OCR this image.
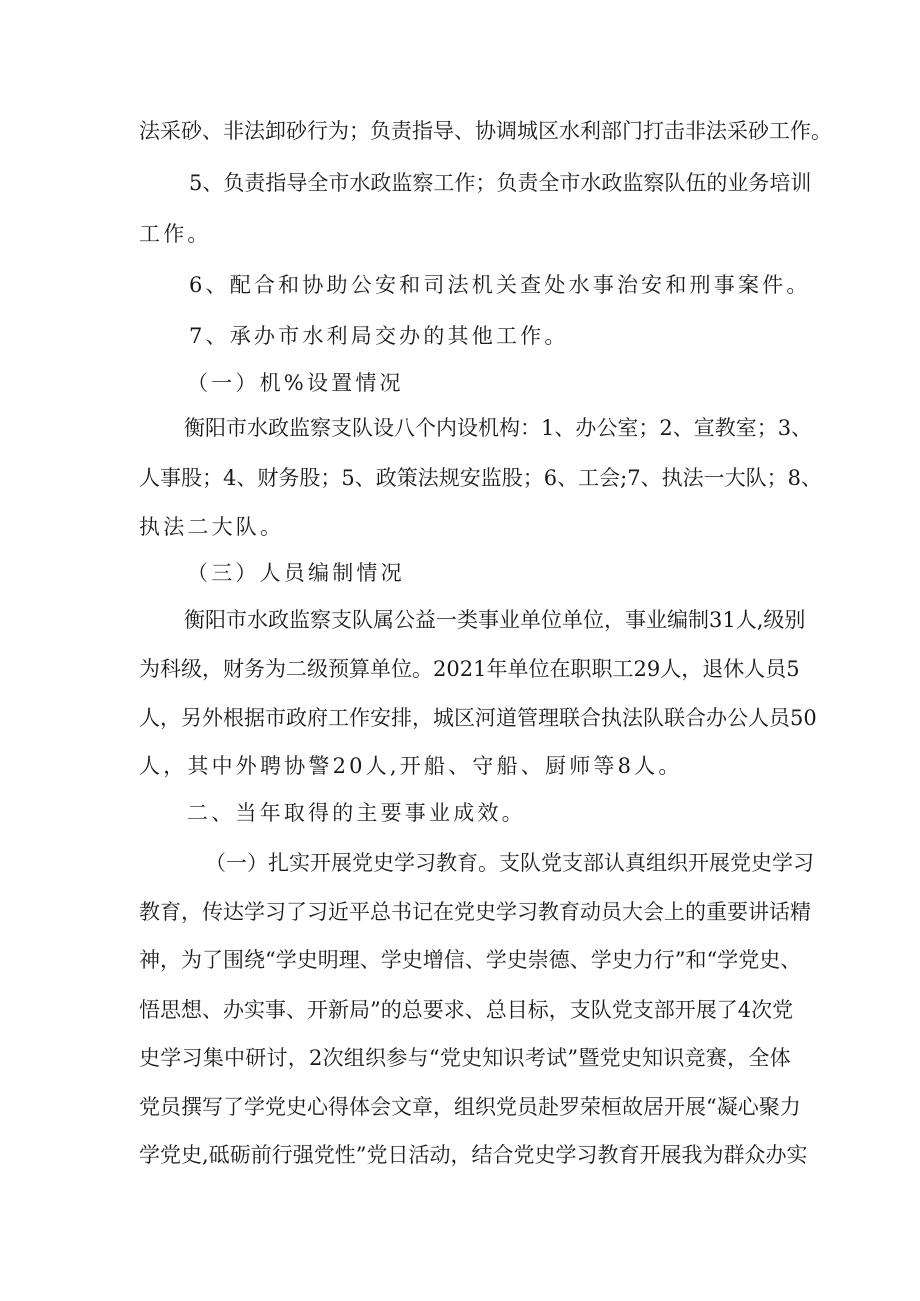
法 采 砂 、 非 法 卸 砂 行 为 ； 负 责 指 导 、 协 调 城 区 水 利 部 门 打 击 非 法 采 砂 工 作 。
5 、 负 责 指 导 全 市 水 政 监 察 工 作 ； 负 责 全 市 水 政 监 察 队 伍 的 业 务 培 训
工作。
6、配合和协助公安和司法机关查处水事治安和刑事案件。
7、承办市水利局交办的其他工作。
（一）机%设置情况
衡 阳 市 水 政 监 察 支 队 设 八 个 内 设 机 构 ： 1 、 办 公 室 ； 2 、 宣 教 室 ； 3 、
人 事 股 ； 4 、 财 务 股 ； 5 、 政 策 法 规 安 监 股 ； 6 、 工 会 ; 7 、 执 法 一 大 队 ； 8 、
执法二大队。
（三）人员编制情况
衡 阳 市 水 政 监 察 支 队 属 公 益 一 类 事 业 单 位 单 位 ， 事 业 编 制 31 人 , 级 别
为 科 级 ， 财 务 为 二 级 预 算 单 位 。 2021 年 单 位 在 职 职 工 29 人 ， 退 休 人 员 5
人 ， 另 外 根 据 市 政 府 工 作 安 排 ， 城 区 河 道 管 理 联 合 执 法 队 联 合 办 公 人 员 50
人，其中外聘协警20人,开船、守船、厨师等8人。
二、当年取得的主要事业成效。
（ 一 ） 扎 实 开 展 党 史 学 习 教 育 。 支 队 党 支 部 认 真 组 织 开 展 党 史 学 习
教 育 ， 传 达 学 习 了 习 近 平 总 书 记 在 党 史 学 习 教 育 动 员 大 会 上 的 重 要 讲 话 精
神 ， 为 了 围 绕 “ 学 史 明 理 、 学 史 增 信 、 学 史 崇 德 、 学 史 力 行 ” 和 “ 学 党 史 、
悟 思 想 、 办 实 事 、 开 新 局 ” 的 总 要 求 、 总 目 标 ， 支 队 党 支 部 开 展 了 4 次 党
史 学 习 集 中 研 讨 ， 2 次 组 织 参 与 “ 党 史 知 识 考 试 ” 暨 党 史 知 识 竞 赛 ， 全 体
党 员 撰 写 了 学 党 史 心 得 体 会 文 章 ， 组 织 党 员 赴 罗 荣 桓 故 居 开 展 “ 凝 心 聚 力
学 党 史 , 砥 砺 前 行 强 党 性 ” 党 日 活 动 ， 结 合 党 史 学 习 教 育 开 展 我 为 群 众 办 实
